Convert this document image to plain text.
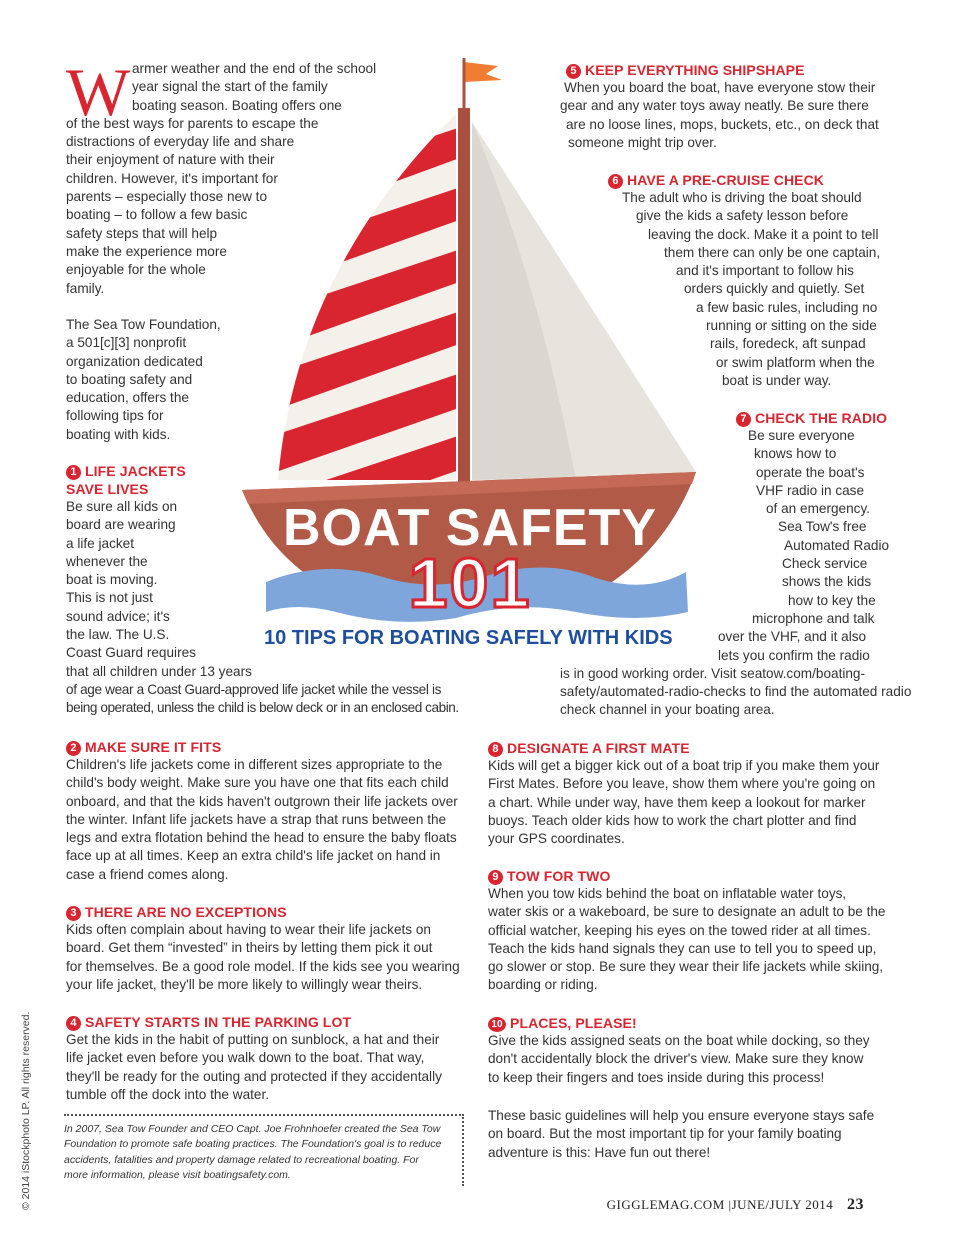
BOAT SAFETY
101
10 TIPS FOR BOATING SAFELY WITH KIDS
W armer weather and the end of the school
year signal the start of the family
boating season. Boating offers one
of the best ways for parents to escape the
distractions of everyday life and share
their enjoyment of nature with their
children. However, it's important for
parents – especially those new to
boating – to follow a few basic
safety steps that will help
make the experience more
enjoyable for the whole
family.
The Sea Tow Foundation,
a 501[c][3] nonprofit
organization dedicated
to boating safety and
education, offers the
following tips for
boating with kids.
1 LIFE JACKETS
SAVE LIVES
Be sure all kids on
board are wearing
a life jacket
whenever the
boat is moving.
This is not just
sound advice; it's
the law. The U.S.
Coast Guard requires
that all children under 13 years
of age wear a Coast Guard-approved life jacket while the vessel is
being operated, unless the child is below deck or in an enclosed cabin.
2 MAKE SURE IT FITS
Children's life jackets come in different sizes appropriate to the
child's body weight. Make sure you have one that fits each child
onboard, and that the kids haven't outgrown their life jackets over
the winter. Infant life jackets have a strap that runs between the
legs and extra flotation behind the head to ensure the baby floats
face up at all times. Keep an extra child's life jacket on hand in
case a friend comes along.
3 THERE ARE NO EXCEPTIONS
Kids often complain about having to wear their life jackets on
board. Get them “invested” in theirs by letting them pick it out
for themselves. Be a good role model. If the kids see you wearing
your life jacket, they'll be more likely to willingly wear theirs.
4 SAFETY STARTS IN THE PARKING LOT
Get the kids in the habit of putting on sunblock, a hat and their
life jacket even before you walk down to the boat. That way,
they'll be ready for the outing and protected if they accidentally
tumble off the dock into the water.
5 KEEP EVERYTHING SHIPSHAPE
When you board the boat, have everyone stow their
gear and any water toys away neatly. Be sure there
are no loose lines, mops, buckets, etc., on deck that
someone might trip over.
6 HAVE A PRE-CRUISE CHECK
The adult who is driving the boat should
give the kids a safety lesson before
leaving the dock. Make it a point to tell
them there can only be one captain,
and it's important to follow his
orders quickly and quietly. Set
a few basic rules, including no
running or sitting on the side
rails, foredeck, aft sunpad
or swim platform when the
boat is under way.
7 CHECK THE RADIO
Be sure everyone
knows how to
operate the boat's
VHF radio in case
of an emergency.
Sea Tow's free
Automated Radio
Check service
shows the kids
how to key the
microphone and talk
over the VHF, and it also
lets you confirm the radio
is in good working order. Visit seatow.com/boating-
safety/automated-radio-checks to find the automated radio
check channel in your boating area.
8 DESIGNATE A FIRST MATE
Kids will get a bigger kick out of a boat trip if you make them your
First Mates. Before you leave, show them where you're going on
a chart. While under way, have them keep a lookout for marker
buoys. Teach older kids how to work the chart plotter and find
your GPS coordinates.
9 TOW FOR TWO
When you tow kids behind the boat on inflatable water toys,
water skis or a wakeboard, be sure to designate an adult to be the
official watcher, keeping his eyes on the towed rider at all times.
Teach the kids hand signals they can use to tell you to speed up,
go slower or stop. Be sure they wear their life jackets while skiing,
boarding or riding.
10 PLACES, PLEASE!
Give the kids assigned seats on the boat while docking, so they
don't accidentally block the driver's view. Make sure they know
to keep their fingers and toes inside during this process!
These basic guidelines will help you ensure everyone stays safe
on board. But the most important tip for your family boating
adventure is this: Have fun out there!
In 2007, Sea Tow Founder and CEO Capt. Joe Frohnhoefer created the Sea Tow
Foundation to promote safe boating practices. The Foundation's goal is to reduce
accidents, fatalities and property damage related to recreational boating. For
more information, please visit boatingsafety.com.
GIGGLEMAG.COM |JUNE/JULY 2014 23
© 2014 iStockphoto LP. All rights reserved.
